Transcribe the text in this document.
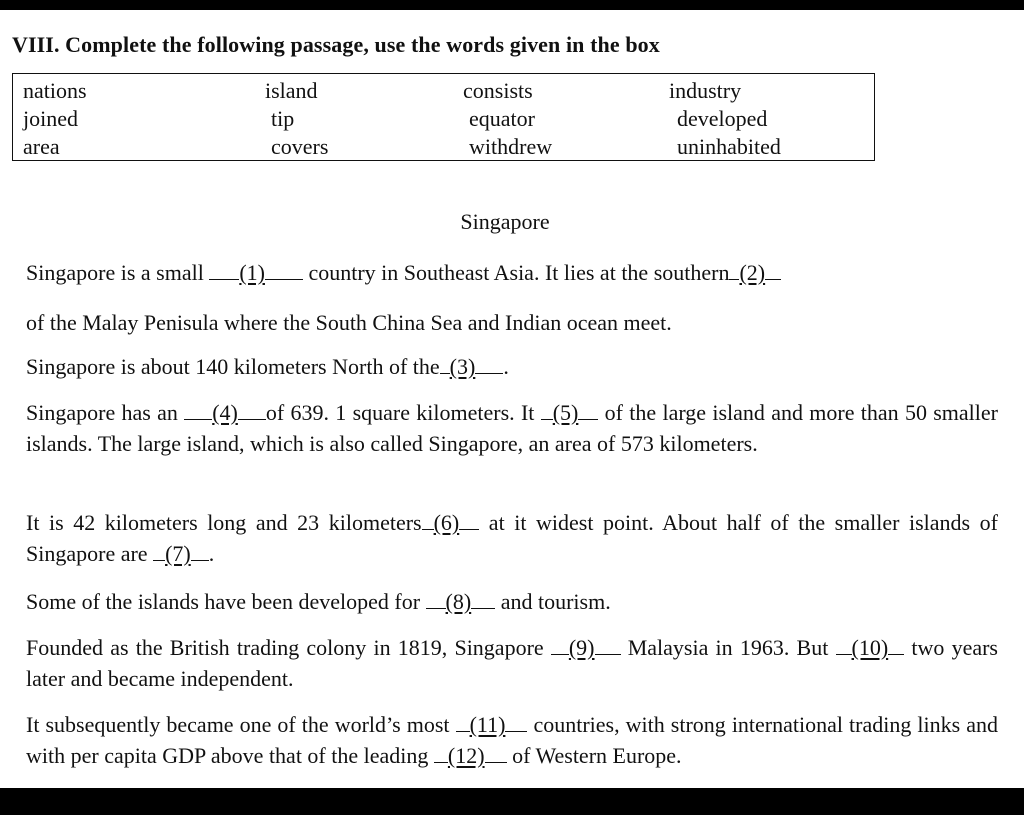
VIII. Complete the following passage, use the words given in the box
nations
joined
area
island
tip
covers
consists
equator
withdrew
industry
developed
uninhabited
Singapore
Singapore is a small (1) country in Southeast Asia. It lies at the southern (2)
of the Malay Penisula where the South China Sea and Indian ocean meet.
Singapore is about 140 kilometers North of the (3) .
Singapore has an (4) of 639. 1 square kilometers. It (5) of the large island and more than 50 smaller islands. The large island, which is also called Singapore, an area of 573 kilometers.
It is 42 kilometers long and 23 kilometers (6) at it widest point. About half of the smaller islands of Singapore are (7) .
Some of the islands have been developed for (8) and tourism.
Founded as the British trading colony in 1819, Singapore (9) Malaysia in 1963. But (10) two years later and became independent.
It subsequently became one of the world’s most (11) countries, with strong international trading links and with per capita GDP above that of the leading (12) of Western Europe.
